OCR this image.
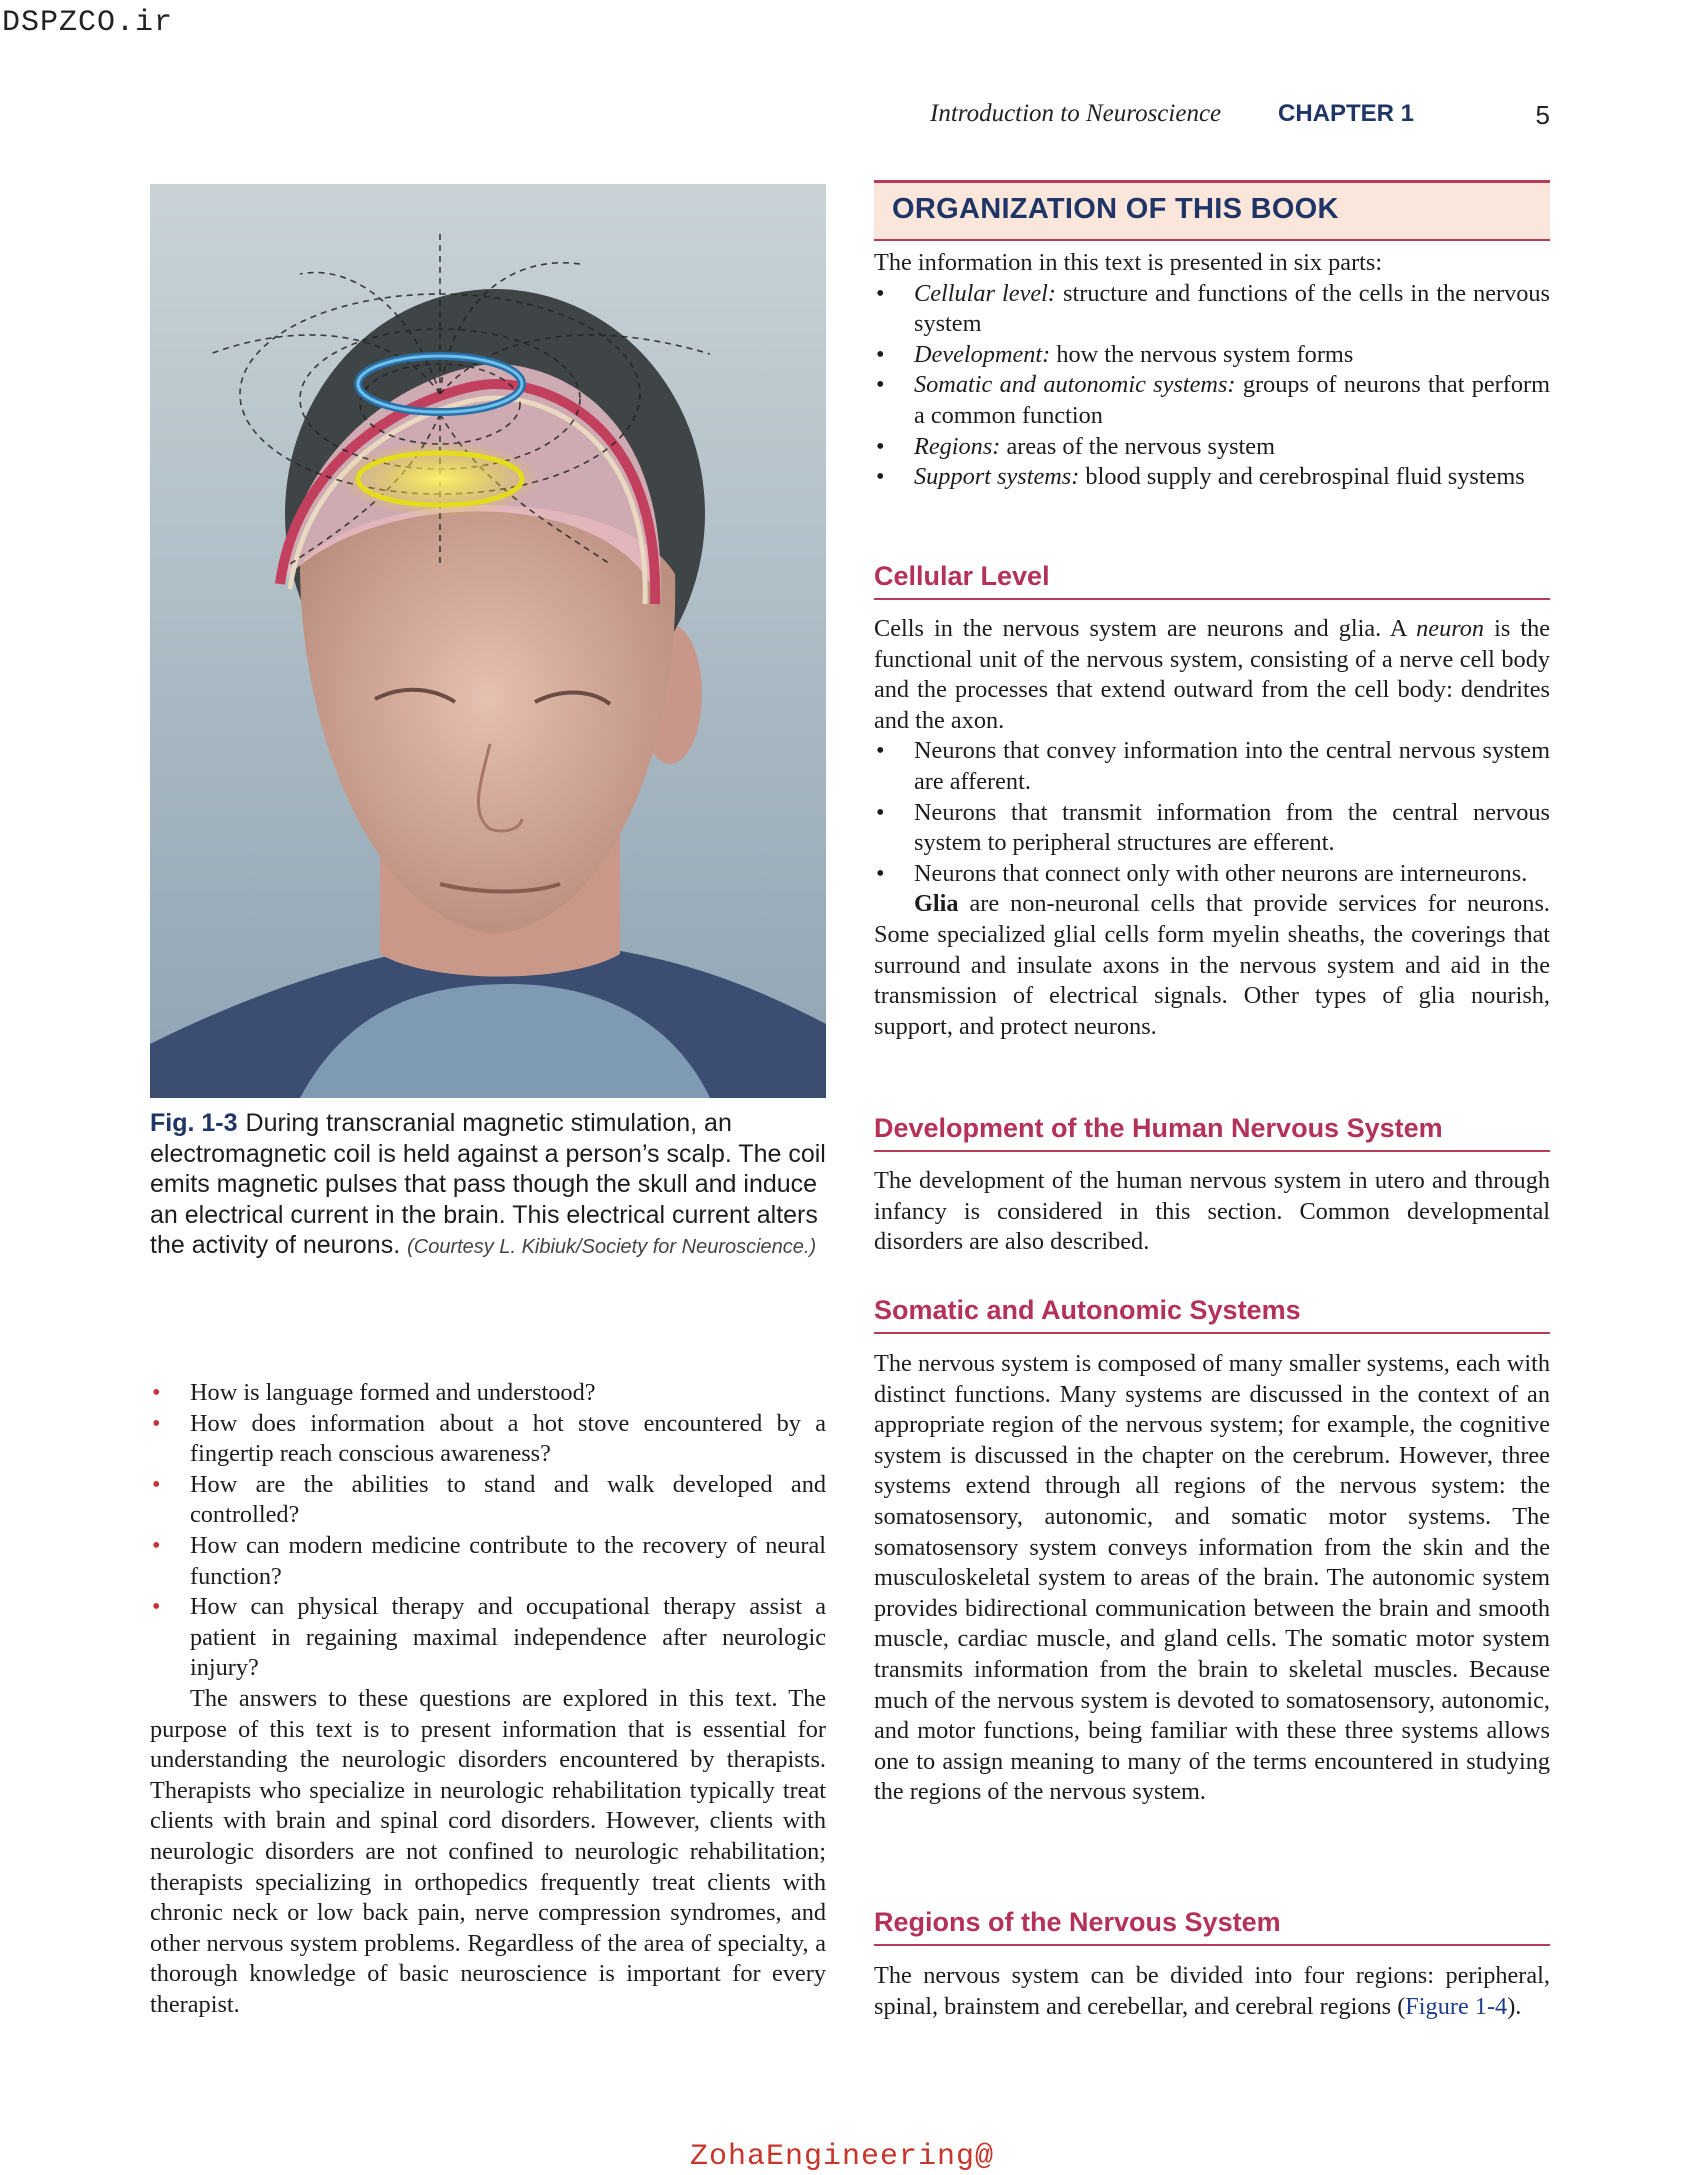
DSPZCO.ir
Introduction to Neuroscience CHAPTER 1	5
Fig. 1-3 During transcranial magnetic stimulation, an electromagnetic coil is held against a person’s scalp. The coil emits magnetic pulses that pass though the skull and induce an electrical current in the brain. This electrical current alters the activity of neurons. (Courtesy L. Kibiuk/Society for Neuroscience.)
• How is language formed and understood?
• How does information about a hot stove encountered by a fingertip reach conscious awareness?
• How are the abilities to stand and walk developed and controlled?
• How can modern medicine contribute to the recovery of neural function?
• How can physical therapy and occupational therapy assist a patient in regaining maximal independence after neurologic injury?

The answers to these questions are explored in this text. The purpose of this text is to present information that is essential for understanding the neurologic disorders encountered by therapists. Therapists who specialize in neurologic rehabilitation typically treat clients with brain and spinal cord disorders. However, clients with neurologic disorders are not confined to neurologic rehabilitation; therapists specializing in orthopedics frequently treat clients with chronic neck or low back pain, nerve compression syndromes, and other nervous system problems. Regardless of the area of specialty, a thorough knowledge of basic neuroscience is important for every therapist.

ORGANIZATION OF THIS BOOK

The information in this text is presented in six parts:

• Cellular level: structure and functions of the cells in the nervous system
• Development: how the nervous system forms
• Somatic and autonomic systems: groups of neurons that perform a common function
• Regions: areas of the nervous system
• Support systems: blood supply and cerebrospinal fluid systems
Cellular Level

Cells in the nervous system are neurons and glia. A neuron is the functional unit of the nervous system, consisting of a nerve cell body and the processes that extend outward from the cell body: dendrites and the axon.

• Neurons that convey information into the central nervous system are afferent.
• Neurons that transmit information from the central nervous system to peripheral structures are efferent.
• Neurons that connect only with other neurons are interneurons.

Glia are non-neuronal cells that provide services for neurons. Some specialized glial cells form myelin sheaths, the coverings that surround and insulate axons in the nervous system and aid in the transmission of electrical signals. Other types of glia nourish, support, and protect neurons.

Development of the Human Nervous System

The development of the human nervous system in utero and through infancy is considered in this section. Common developmental disorders are also described.

Somatic and Autonomic Systems

The nervous system is composed of many smaller systems, each with distinct functions. Many systems are discussed in the context of an appropriate region of the nervous system; for example, the cognitive system is discussed in the chapter on the cerebrum. However, three systems extend through all regions of the nervous system: the somatosensory, autonomic, and somatic motor systems. The somatosensory system conveys information from the skin and the musculoskeletal system to areas of the brain. The autonomic system provides bidirectional communication between the brain and smooth muscle, cardiac muscle, and gland cells. The somatic motor system transmits information from the brain to skeletal muscles. Because much of the nervous system is devoted to somatosensory, autonomic, and motor functions, being familiar with these three systems allows one to assign meaning to many of the terms encountered in studying the regions of the nervous system.

Regions of the Nervous System

The nervous system can be divided into four regions: peripheral, spinal, brainstem and cerebellar, and cerebral regions (Figure 1-4).

ZohaEngineering@
